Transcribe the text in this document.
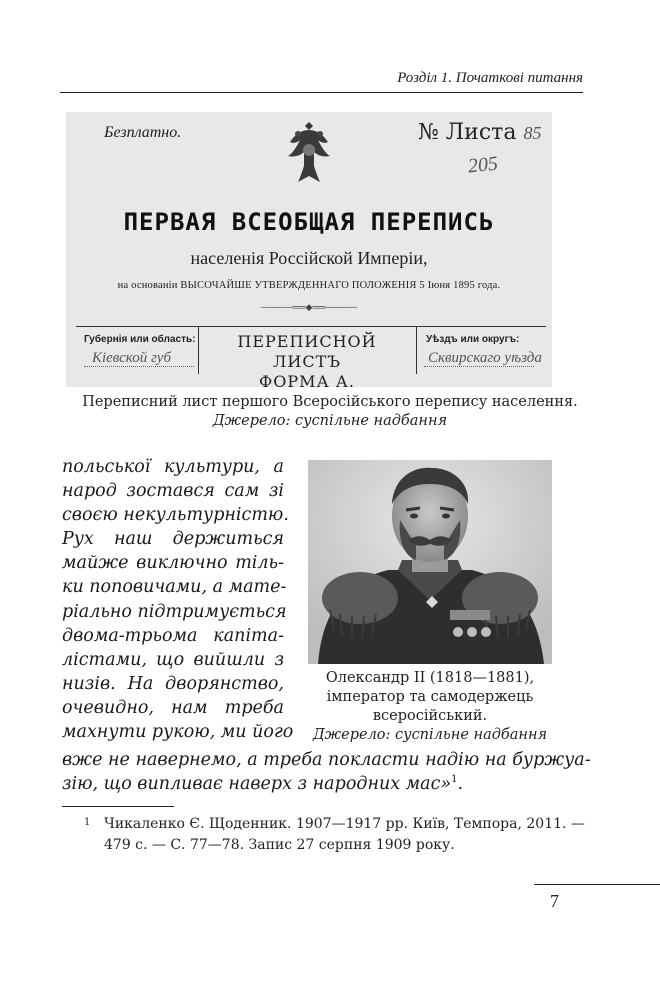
Розділ 1. Початкові питання
Безплатно.	№ Листа 85
205
ПЕРВАЯ ВСЕОБЩАЯ ПЕРЕПИСЬ
населенія Россійской Имперіи,
на основаніи ВЫСОЧАЙШЕ УТВЕРЖДЕННАГО ПОЛОЖЕНІЯ 5 Іюня 1895 года.
─────══◆══─────
Губернія или область:
Кіевской губ
ПЕРЕПИСНОЙ ЛИСТЪ
ФОРМА А.
Уѣздъ или округъ:
Сквирскаго уѣзда
Переписний лист першого Всеросійського перепису населення.
Джерело: суспільне надбання
польської культури, а
народ зостався сам зі
своєю некультурністю.
Рух наш держиться
майже виключно тіль-
ки поповичами, а мате-
ріально підтримується
двома-трьома капіта-
лістами, що вийшли з
низів. На дворянство,
очевидно, нам треба
махнути рукою, ми його
Олександр II (1818—1881),
імператор та самодержець
всеросійський.
Джерело: суспільне надбання
вже не навернемо, а треба покласти надію на буржуа-
зію, що випливає наверх з народних мас»$^1$.
1 Чикаленко Є. Щоденник. 1907—1917 рр. Київ, Темпора, 2011. —
479 с. — С. 77—78. Запис 27 серпня 1909 року.
7
